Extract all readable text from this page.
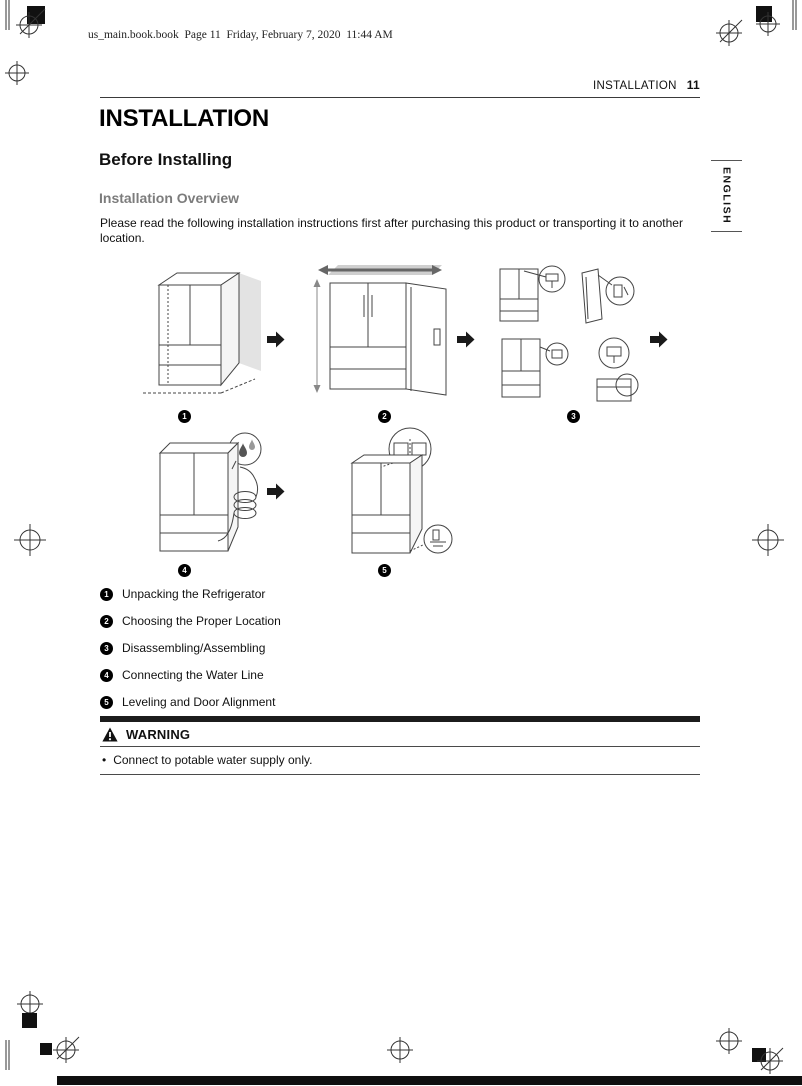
us_main.book.book  Page 11  Friday, February 7, 2020  11:44 AM
INSTALLATION 11
INSTALLATION
Before Installing
Installation Overview

Please read the following installation instructions first after purchasing this product or transporting it to another location.

1	2	3
4	5
1	Unpacking the Refrigerator
2	Choosing the Proper Location
3	Disassembling/Assembling
4	Connecting the Water Line
5	Leveling and Door Alignment
WARNING
• Connect to potable water supply only.
ENGLISH
